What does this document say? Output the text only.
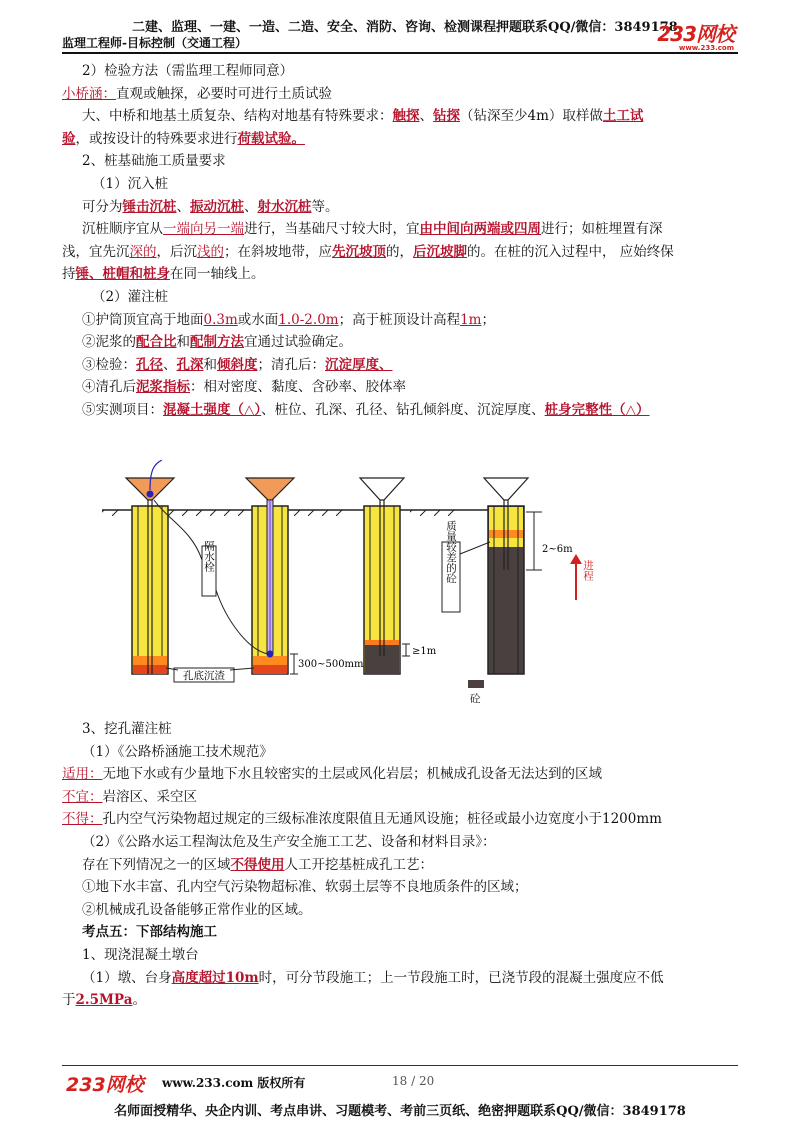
二建、监理、一建、一造、二造、安全、消防、咨询、检测课程押题联系QQ/微信：3849178
监理工程师-目标控制（交通工程）	233网校
www.233.com
2）检验方法（需监理工程师同意）
小桥涵：直观或触探，必要时可进行土质试验
大、中桥和地基土质复杂、结构对地基有特殊要求：触探、钻探（钻深至少4m）取样做土工试
验，或按设计的特殊要求进行荷载试验。
2、桩基础施工质量要求
（1）沉入桩
可分为锤击沉桩、振动沉桩、射水沉桩等。
沉桩顺序宜从一端向另一端进行，当基础尺寸较大时，宜由中间向两端或四周进行；如桩埋置有深
浅，宜先沉深的，后沉浅的；在斜坡地带，应先沉坡顶的，后沉坡脚的。在桩的沉入过程中， 应始终保
持锤、桩帽和桩身在同一轴线上。
（2）灌注桩
①护筒顶宜高于地面0.3m或水面1.0-2.0m；高于桩顶设计高程1m；
②泥浆的配合比和配制方法宜通过试验确定。
③检验：孔径、孔深和倾斜度；清孔后：沉淀厚度、
④清孔后泥浆指标：相对密度、黏度、含砂率、胶体率
⑤实测项目：混凝土强度（△）、桩位、孔深、孔径、钻孔倾斜度、沉淀厚度、桩身完整性（△）
隔水栓
孔底沉渣
300~500mm
≥1m
质量较差的砼	2~6m
进程
砼
3、挖孔灌注桩
（1）《公路桥涵施工技术规范》
适用：无地下水或有少量地下水且较密实的土层或风化岩层；机械成孔设备无法达到的区域
不宜：岩溶区、采空区
不得：孔内空气污染物超过规定的三级标准浓度限值且无通风设施；桩径或最小边宽度小于1200mm
（2）《公路水运工程淘汰危及生产安全施工工艺、设备和材料目录》：
存在下列情况之一的区域不得使用人工开挖基桩成孔工艺：
①地下水丰富、孔内空气污染物超标准、软弱土层等不良地质条件的区域；
②机械成孔设备能够正常作业的区域。
考点五：下部结构施工
1、现浇混凝土墩台
（1）墩、台身高度超过10m时，可分节段施工；上一节段施工时，已浇节段的混凝土强度应不低
于2.5MPa。
233网校 www.233.com 版权所有	18 / 20
名师面授精华、央企内训、考点串讲、习题模考、考前三页纸、绝密押题联系QQ/微信：3849178
